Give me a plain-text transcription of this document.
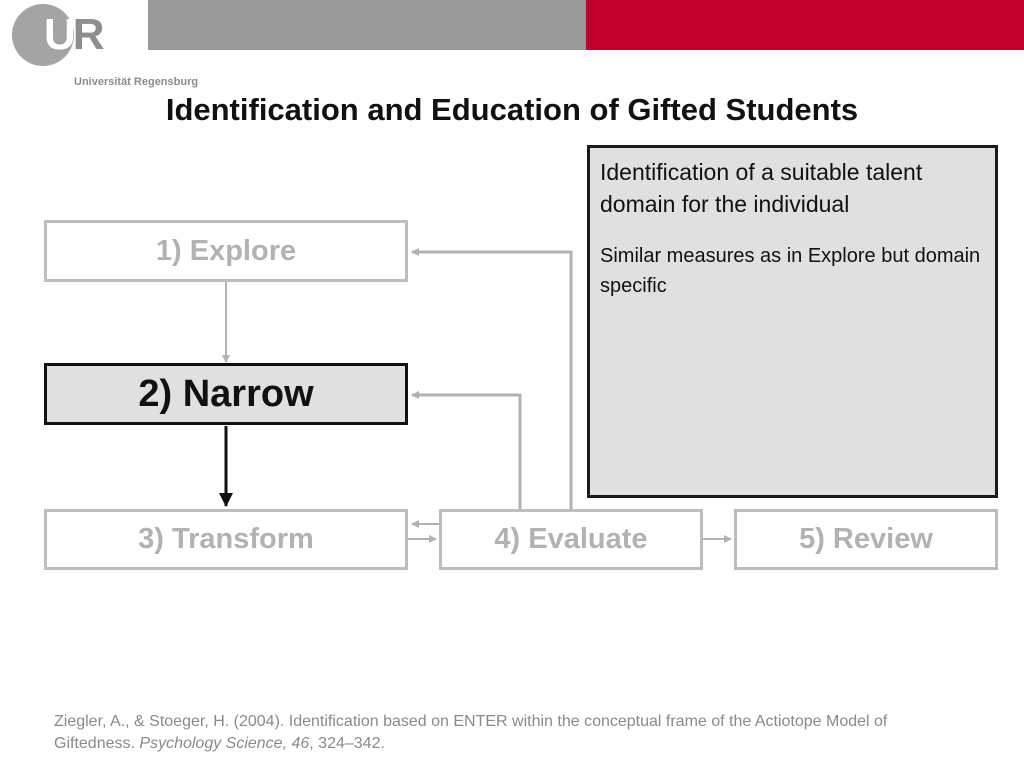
UR
Universität Regensburg
Identification and Education of Gifted Students
Identification of a suitable talent domain for the individual
Similar measures as in Explore but domain specific
1) Explore
2) Narrow
3) Transform	4) Evaluate	5) Review
Ziegler, A., & Stoeger, H. (2004). Identification based on ENTER within the conceptual frame of the Actiotope Model of Giftedness. Psychology Science, 46, 324–342.
